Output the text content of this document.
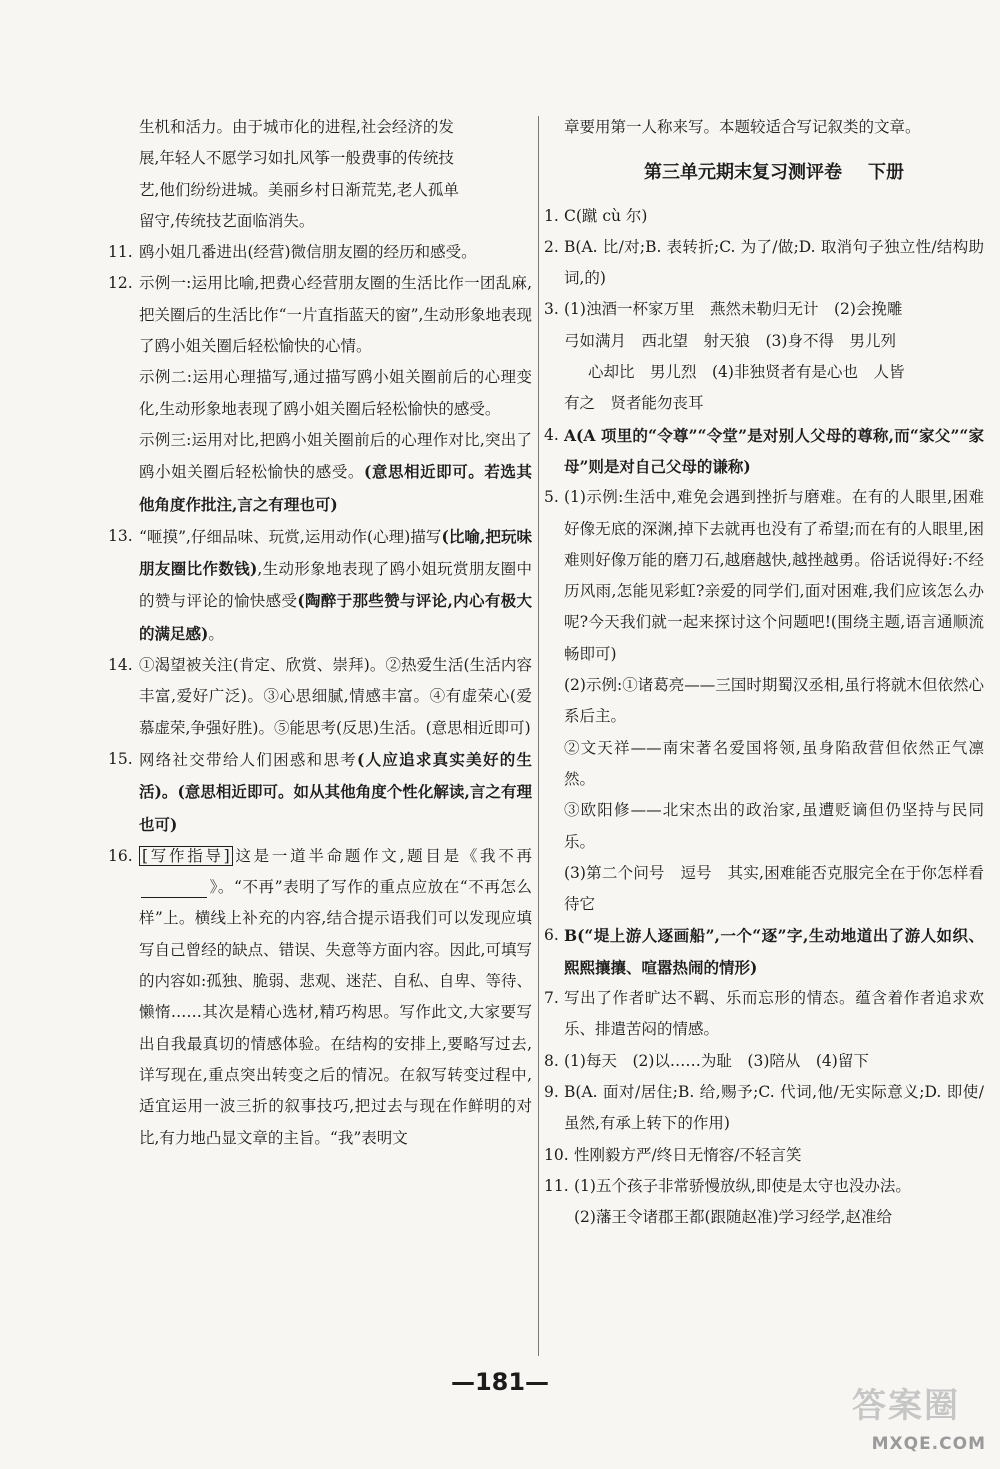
生机和活力。由于城市化的进程,社会经济的发
展,年轻人不愿学习如扎风筝一般费事的传统技
艺,他们纷纷进城。美丽乡村日渐荒芜,老人孤单
留守,传统技艺面临消失。
11. 鸥小姐几番进出(经营)微信朋友圈的经历和感受。
12. 示例一:运用比喻,把费心经营朋友圈的生活比作一团乱麻,把关圈后的生活比作“一片直指蓝天的窗”,生动形象地表现了鸥小姐关圈后轻松愉快的心情。
示例二:运用心理描写,通过描写鸥小姐关圈前后的心理变化,生动形象地表现了鸥小姐关圈后轻松愉快的感受。
示例三:运用对比,把鸥小姐关圈前后的心理作对比,突出了鸥小姐关圈后轻松愉快的感受。(意思相近即可。若选其他角度作批注,言之有理也可)
13. “咂摸”,仔细品味、玩赏,运用动作(心理)描写(比喻,把玩味朋友圈比作数钱),生动形象地表现了鸥小姐玩赏朋友圈中的赞与评论的愉快感受(陶醉于那些赞与评论,内心有极大的满足感)。
14. ①渴望被关注(肯定、欣赏、崇拜)。②热爱生活(生活内容丰富,爱好广泛)。③心思细腻,情感丰富。④有虚荣心(爱慕虚荣,争强好胜)。⑤能思考(反思)生活。(意思相近即可)
15. 网络社交带给人们困惑和思考(人应追求真实美好的生活)。(意思相近即可。如从其他角度个性化解读,言之有理也可)
16. [写作指导] 这是一道半命题作文,题目是《我不再》。“不再”表明了写作的重点应放在“不再怎么样”上。横线上补充的内容,结合提示语我们可以发现应填写自己曾经的缺点、错误、失意等方面内容。因此,可填写的内容如:孤独、脆弱、悲观、迷茫、自私、自卑、等待、懒惰……其次是精心选材,精巧构思。写作此文,大家要写出自我最真切的情感体验。在结构的安排上,要略写过去,详写现在,重点突出转变之后的情况。在叙写转变过程中,适宜运用一波三折的叙事技巧,把过去与现在作鲜明的对比,有力地凸显文章的主旨。“我”表明文
章要用第一人称来写。本题较适合写记叙类的文章。
第三单元期末复习测评卷 下册
1. C(蹴 cù 尔)
2. B(A. 比/对;B. 表转折;C. 为了/做;D. 取消句子独立性/结构助词,的)
3. (1)浊酒一杯家万里　燕然未勒归无计　(2)会挽雕
弓如满月　西北望　射天狼　(3)身不得　男儿列
心却比　男儿烈　(4)非独贤者有是心也　人皆
有之　贤者能勿丧耳
4. A(A 项里的“令尊”“令堂”是对别人父母的尊称,而“家父”“家母”则是对自己父母的谦称)
5. (1)示例:生活中,难免会遇到挫折与磨难。在有的人眼里,困难好像无底的深渊,掉下去就再也没有了希望;而在有的人眼里,困难则好像万能的磨刀石,越磨越快,越挫越勇。俗话说得好:不经历风雨,怎能见彩虹?亲爱的同学们,面对困难,我们应该怎么办呢?今天我们就一起来探讨这个问题吧!(围绕主题,语言通顺流畅即可)
(2)示例:①诸葛亮——三国时期蜀汉丞相,虽行将就木但依然心系后主。
②文天祥——南宋著名爱国将领,虽身陷敌营但依然正气凛然。
③欧阳修——北宋杰出的政治家,虽遭贬谪但仍坚持与民同乐。
(3)第二个问号　逗号　其实,困难能否克服完全在于你怎样看待它
6. B(“堤上游人逐画船”,一个“逐”字,生动地道出了游人如织、熙熙攘攘、喧嚣热闹的情形)
7. 写出了作者旷达不羁、乐而忘形的情态。蕴含着作者追求欢乐、排遣苦闷的情感。
8. (1)每天　(2)以……为耻　(3)陪从　(4)留下
9. B(A. 面对/居住;B. 给,赐予;C. 代词,他/无实际意义;D. 即使/虽然,有承上转下的作用)
10. 性刚毅方严/终日无惰容/不轻言笑
11. (1)五个孩子非常骄慢放纵,即使是太守也没办法。
(2)藩王令诸郡王都(跟随赵准)学习经学,赵准给
—181—
答案圈
MXQE.COM
